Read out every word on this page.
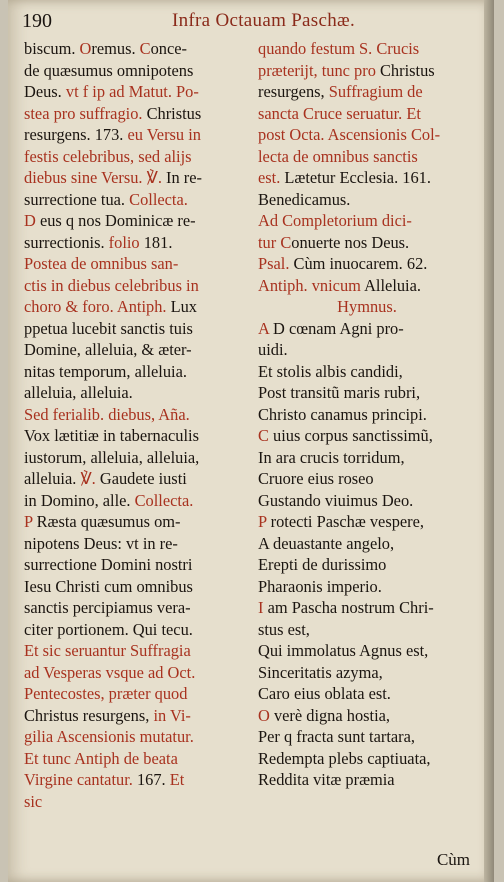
190	Infra Octauam Paschæ.
biscum. Oremus. Conce-
de quæsumus omnipotens
Deus. vt f ip ad Matut. Po-
stea pro suffragio. Christus
resurgens. 173. eu Versu in
festis celebribus, sed alijs
diebus sine Versu. ℣. In re-
surrectione tua. Collecta.
D eus q nos Dominicæ re-
surrectionis. folio 181.
Postea de omnibus san-
ctis in diebus celebribus in
choro & foro. Antiph. Lux
ppetua lucebit sanctis tuis
Domine, alleluia, & æter-
nitas temporum, alleluia.
alleluia, alleluia.
Sed ferialib. diebus, Aña.
Vox lætitiæ in tabernaculis
iustorum, alleluia, alleluia,
alleluia. ℣. Gaudete iusti
in Domino, alle. Collecta.
P Ræsta quæsumus om-
nipotens Deus: vt in re-
surrectione Domini nostri
Iesu Christi cum omnibus
sanctis percipiamus vera-
citer portionem. Qui tecu.
Et sic seruantur Suffragia
ad Vesperas vsque ad Oct.
Pentecostes, præter quod
Christus resurgens, in Vi-
gilia Ascensionis mutatur.
Et tunc Antiph de beata
Virgine cantatur. 167. Et
sic
quando festum S. Crucis
præterijt, tunc pro Christus
resurgens, Suffragium de
sancta Cruce seruatur. Et
post Octa. Ascensionis Col-
lecta de omnibus sanctis
est. Lætetur Ecclesia. 161.
Benedicamus.
Ad Completorium dici-
tur Conuerte nos Deus.
Psal. Cùm inuocarem. 62.
Antiph. vnicum Alleluia.
Hymnus.
A D cœnam Agni pro-
uidi.
Et stolis albis candidi,
Post transitũ maris rubri,
Christo canamus principi.
C uius corpus sanctissimũ,
In ara crucis torridum,
Cruore eius roseo
Gustando viuimus Deo.
P rotecti Paschæ vespere,
A deuastante angelo,
Erepti de durissimo
Pharaonis imperio.
I am Pascha nostrum Chri-
stus est,
Qui immolatus Agnus est,
Sinceritatis azyma,
Caro eius oblata est.
O verè digna hostia,
Per q fracta sunt tartara,
Redempta plebs captiuata,
Reddita vitæ præmia
Cùm
